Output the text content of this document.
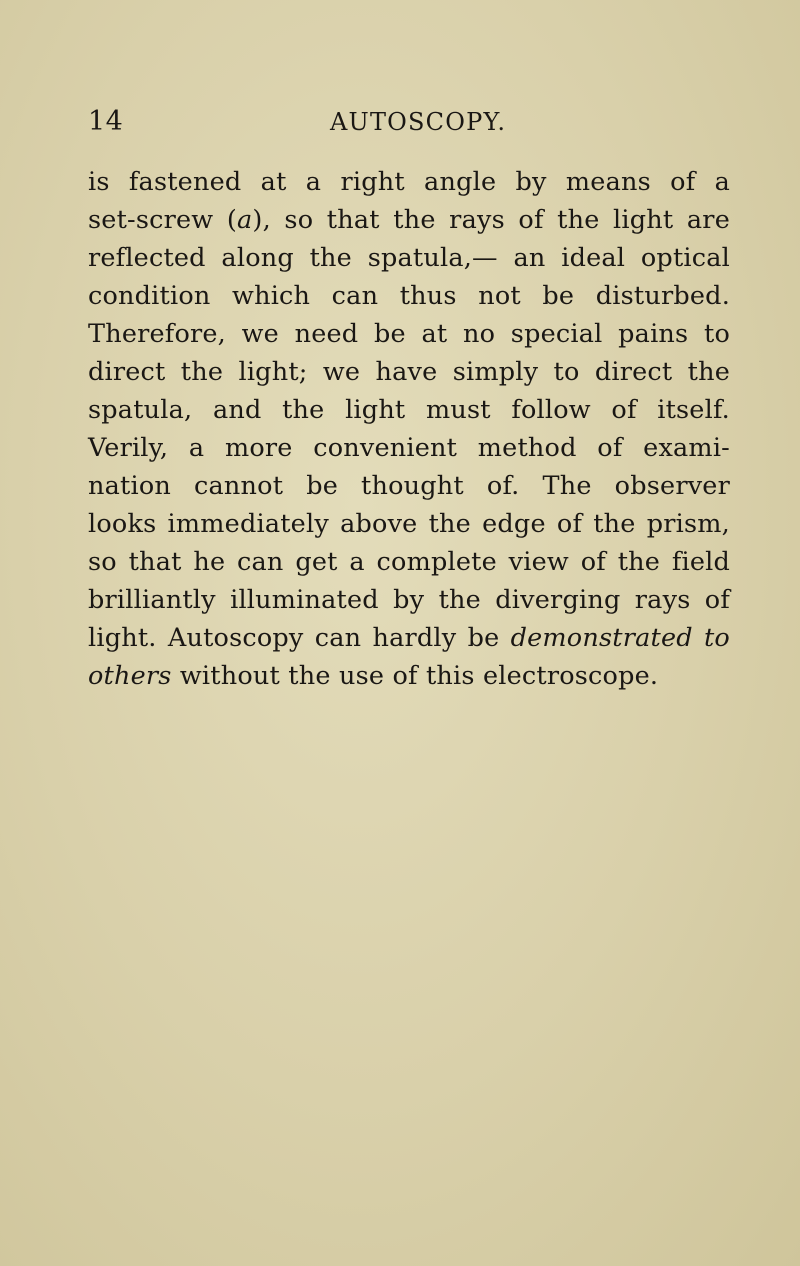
14	AUTOSCOPY.
is fastened at a right angle by means of a
set-screw (a), so that the rays of the light are
reflected along the spatula,— an ideal optical
condition which can thus not be disturbed.
Therefore, we need be at no special pains to
direct the light; we have simply to direct the
spatula, and the light must follow of itself.
Verily, a more convenient method of exami-
nation cannot be thought of. The observer
looks immediately above the edge of the prism,
so that he can get a complete view of the field
brilliantly illuminated by the diverging rays of
light. Autoscopy can hardly be demonstrated to
others without the use of this electroscope.
